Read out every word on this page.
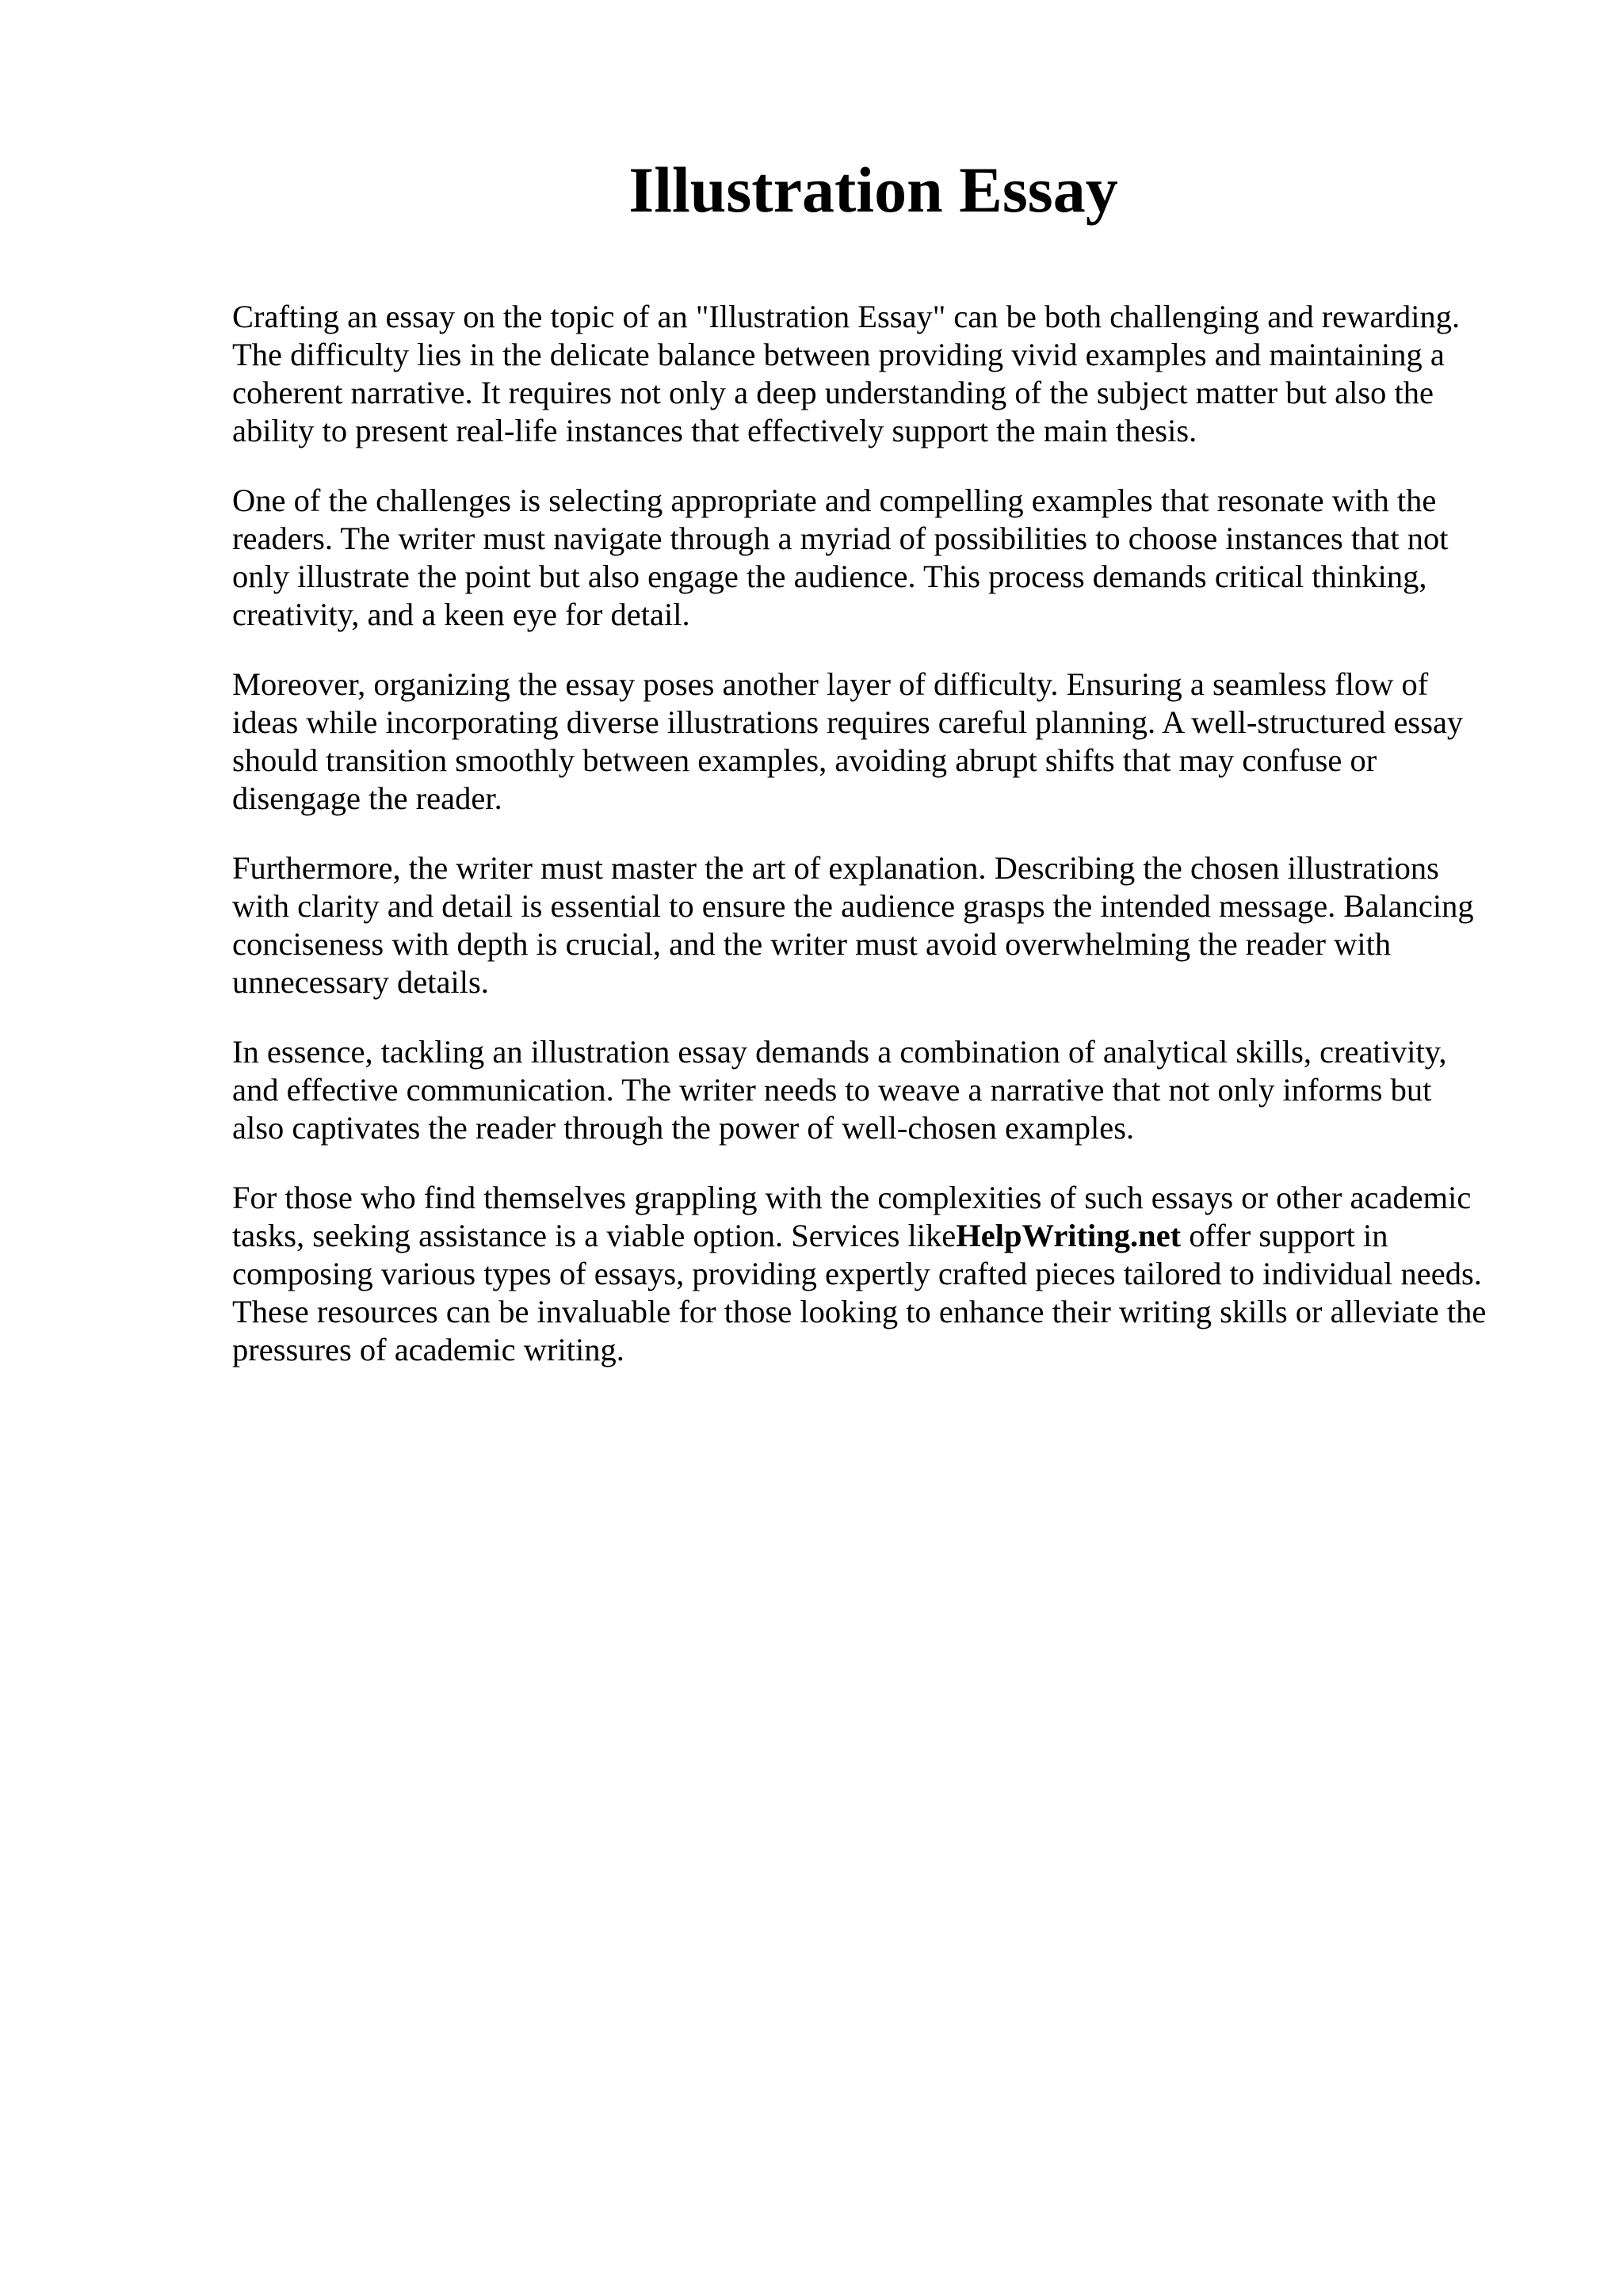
Illustration Essay

Crafting an essay on the topic of an "Illustration Essay" can be both challenging and rewarding.
The difficulty lies in the delicate balance between providing vivid examples and maintaining a
coherent narrative. It requires not only a deep understanding of the subject matter but also the
ability to present real-life instances that effectively support the main thesis.

One of the challenges is selecting appropriate and compelling examples that resonate with the
readers. The writer must navigate through a myriad of possibilities to choose instances that not
only illustrate the point but also engage the audience. This process demands critical thinking,
creativity, and a keen eye for detail.

Moreover, organizing the essay poses another layer of difficulty. Ensuring a seamless flow of
ideas while incorporating diverse illustrations requires careful planning. A well-structured essay
should transition smoothly between examples, avoiding abrupt shifts that may confuse or
disengage the reader.

Furthermore, the writer must master the art of explanation. Describing the chosen illustrations
with clarity and detail is essential to ensure the audience grasps the intended message. Balancing
conciseness with depth is crucial, and the writer must avoid overwhelming the reader with
unnecessary details.

In essence, tackling an illustration essay demands a combination of analytical skills, creativity,
and effective communication. The writer needs to weave a narrative that not only informs but
also captivates the reader through the power of well-chosen examples.

For those who find themselves grappling with the complexities of such essays or other academic
tasks, seeking assistance is a viable option. Services likeHelpWriting.net offer support in
composing various types of essays, providing expertly crafted pieces tailored to individual needs.
These resources can be invaluable for those looking to enhance their writing skills or alleviate the
pressures of academic writing.
